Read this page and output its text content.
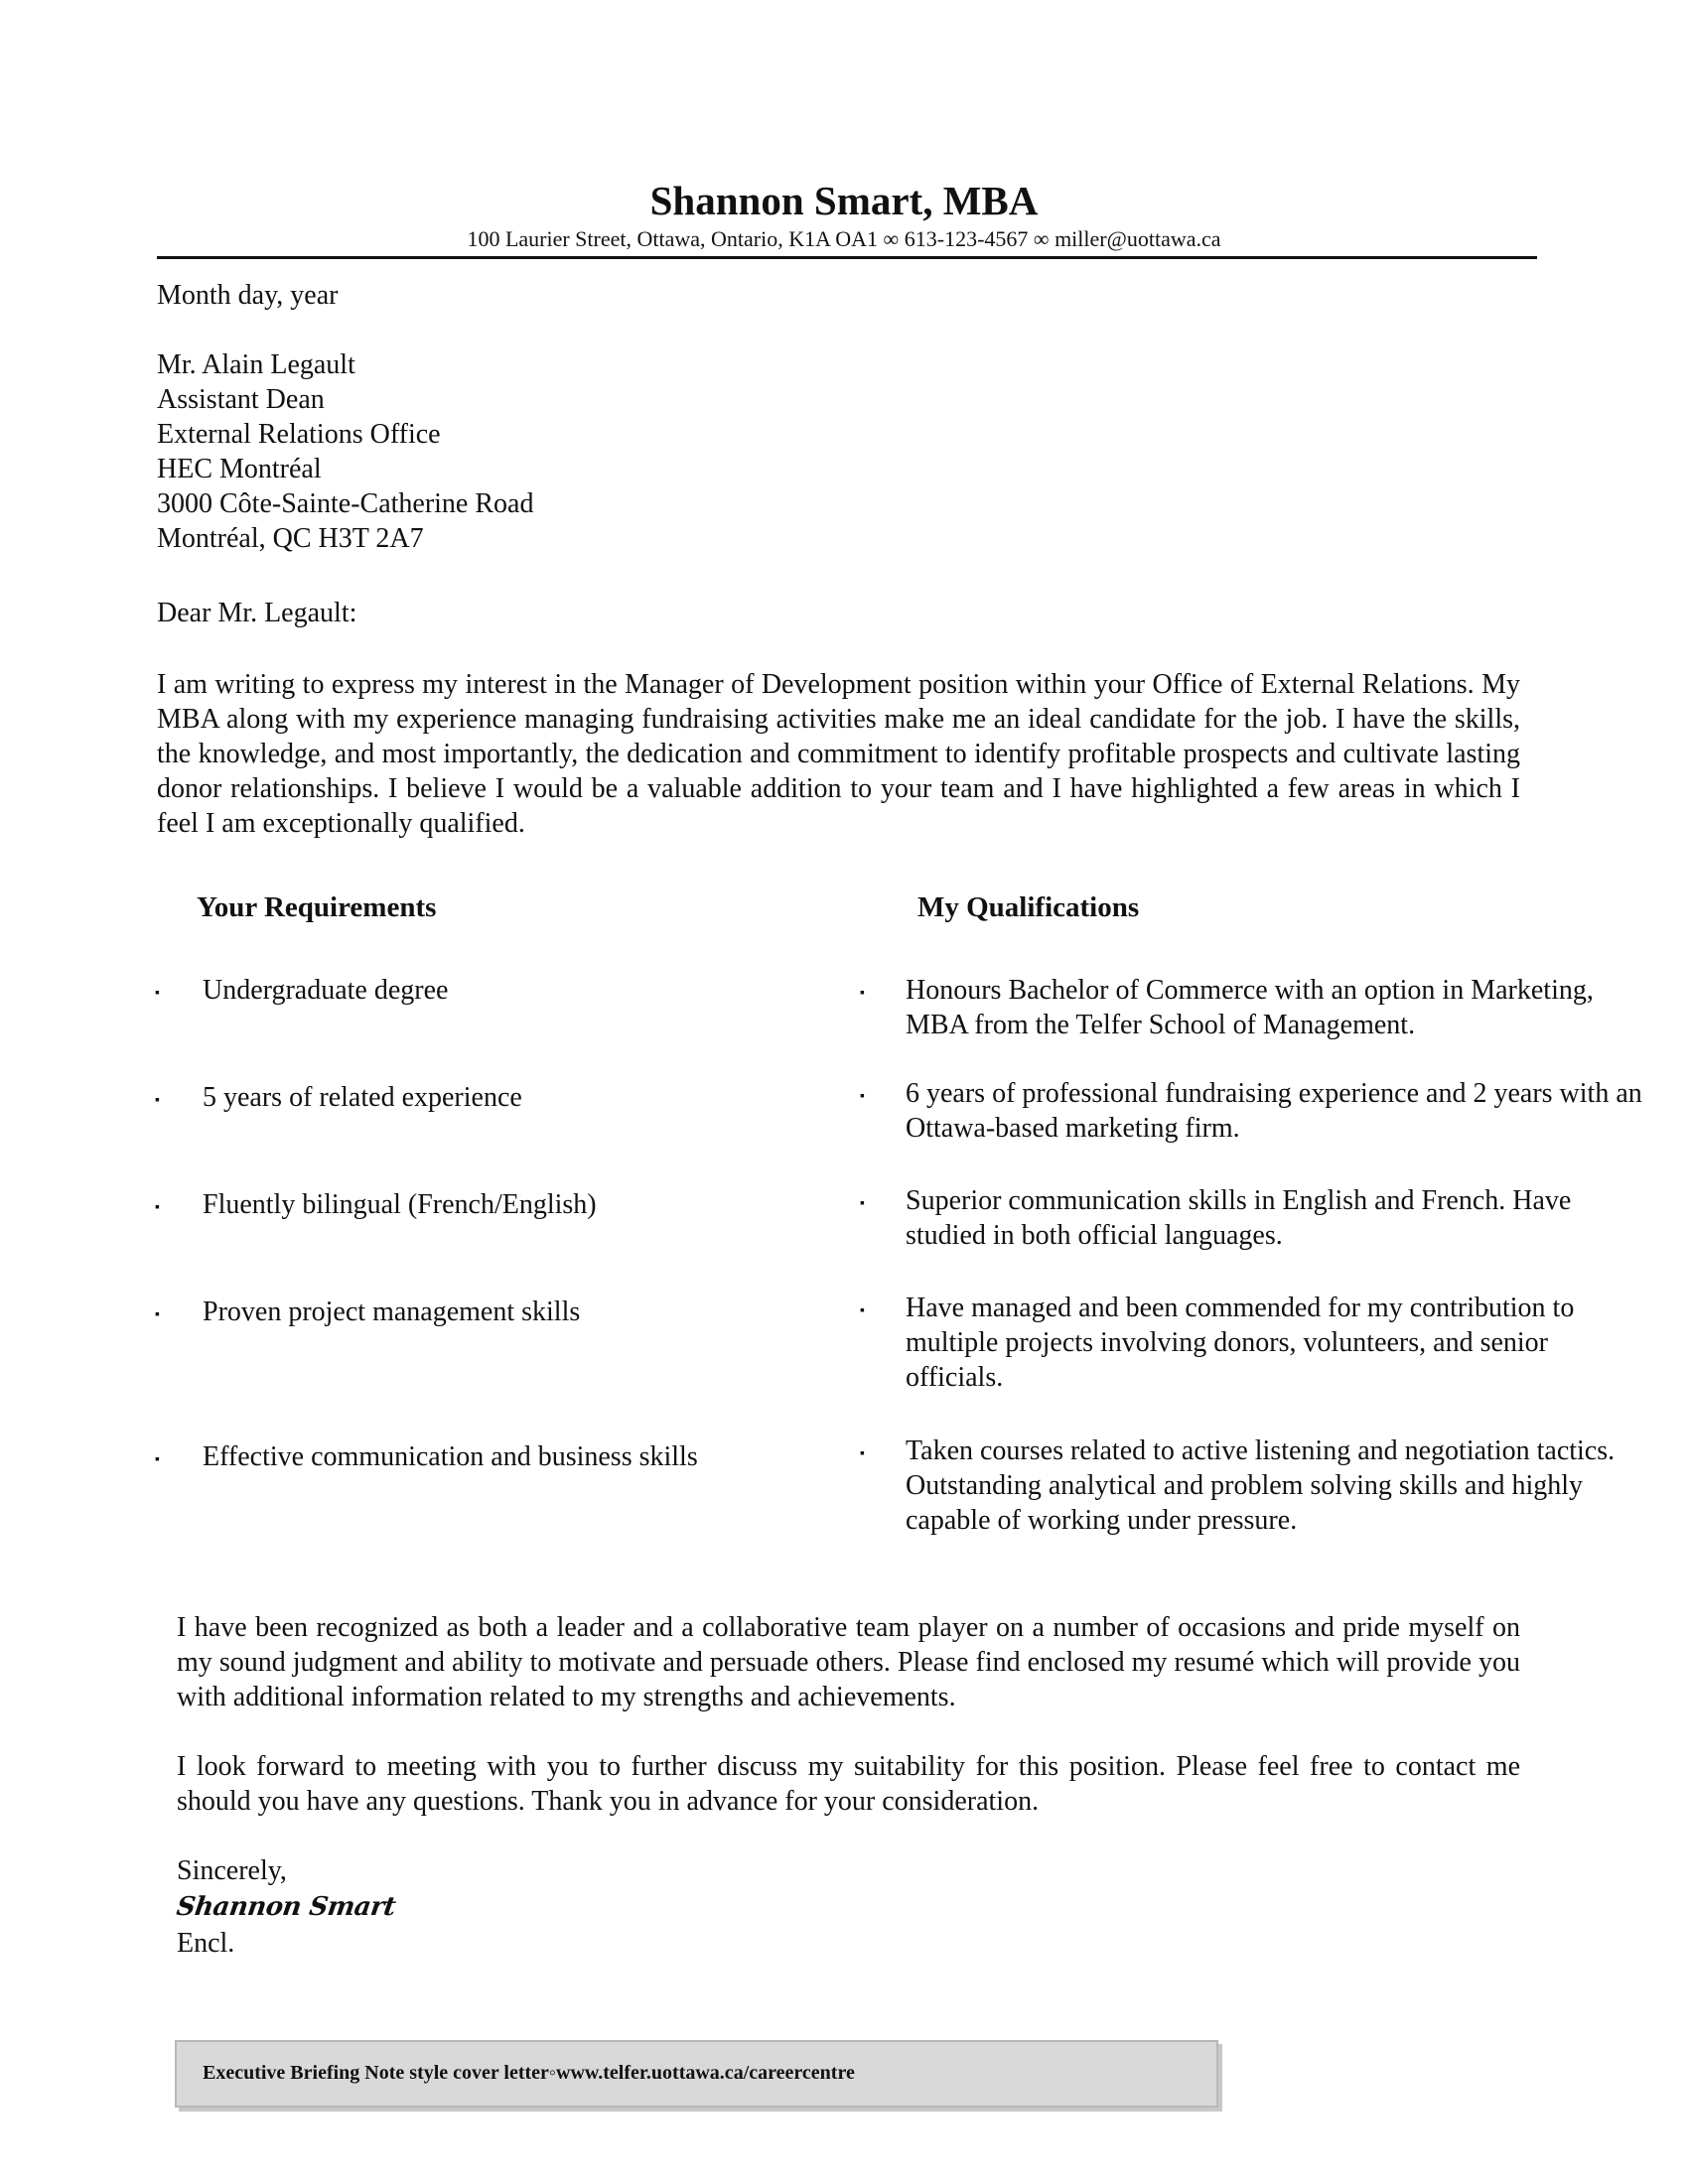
Shannon Smart, MBA
100 Laurier Street, Ottawa, Ontario, K1A OA1 ∞ 613-123-4567 ∞ miller@uottawa.ca

Month day, year

Mr. Alain Legault
Assistant Dean
External Relations Office
HEC Montréal
3000 Côte-Sainte-Catherine Road
Montréal, QC H3T 2A7

Dear Mr. Legault:

I am writing to express my interest in the Manager of Development position within your Office of External Relations. My MBA along with my experience managing fundraising activities make me an ideal candidate for the job. I have the skills, the knowledge, and most importantly, the dedication and commitment to identify profitable prospects and cultivate lasting donor relationships. I believe I would be a valuable addition to your team and I have highlighted a few areas in which I feel I am exceptionally qualified.

Your Requirements	My Qualifications
▪ Undergraduate degree	▪ Honours Bachelor of Commerce with an option in Marketing, MBA from the Telfer School of Management.
▪ 5 years of related experience	▪ 6 years of professional fundraising experience and 2 years with an Ottawa-based marketing firm.
▪ Fluently bilingual (French/English)	▪ Superior communication skills in English and French. Have studied in both official languages.
▪ Proven project management skills	▪ Have managed and been commended for my contribution to multiple projects involving donors, volunteers, and senior officials.
▪ Effective communication and business skills	▪ Taken courses related to active listening and negotiation tactics. Outstanding analytical and problem solving skills and highly capable of working under pressure.

I have been recognized as both a leader and a collaborative team player on a number of occasions and pride myself on my sound judgment and ability to motivate and persuade others. Please find enclosed my resumé which will provide you with additional information related to my strengths and achievements.

I look forward to meeting with you to further discuss my suitability for this position. Please feel free to contact me should you have any questions. Thank you in advance for your consideration.

Sincerely,

Shannon Smart

Encl.

Executive Briefing Note style cover letter◦www.telfer.uottawa.ca/careercentre
